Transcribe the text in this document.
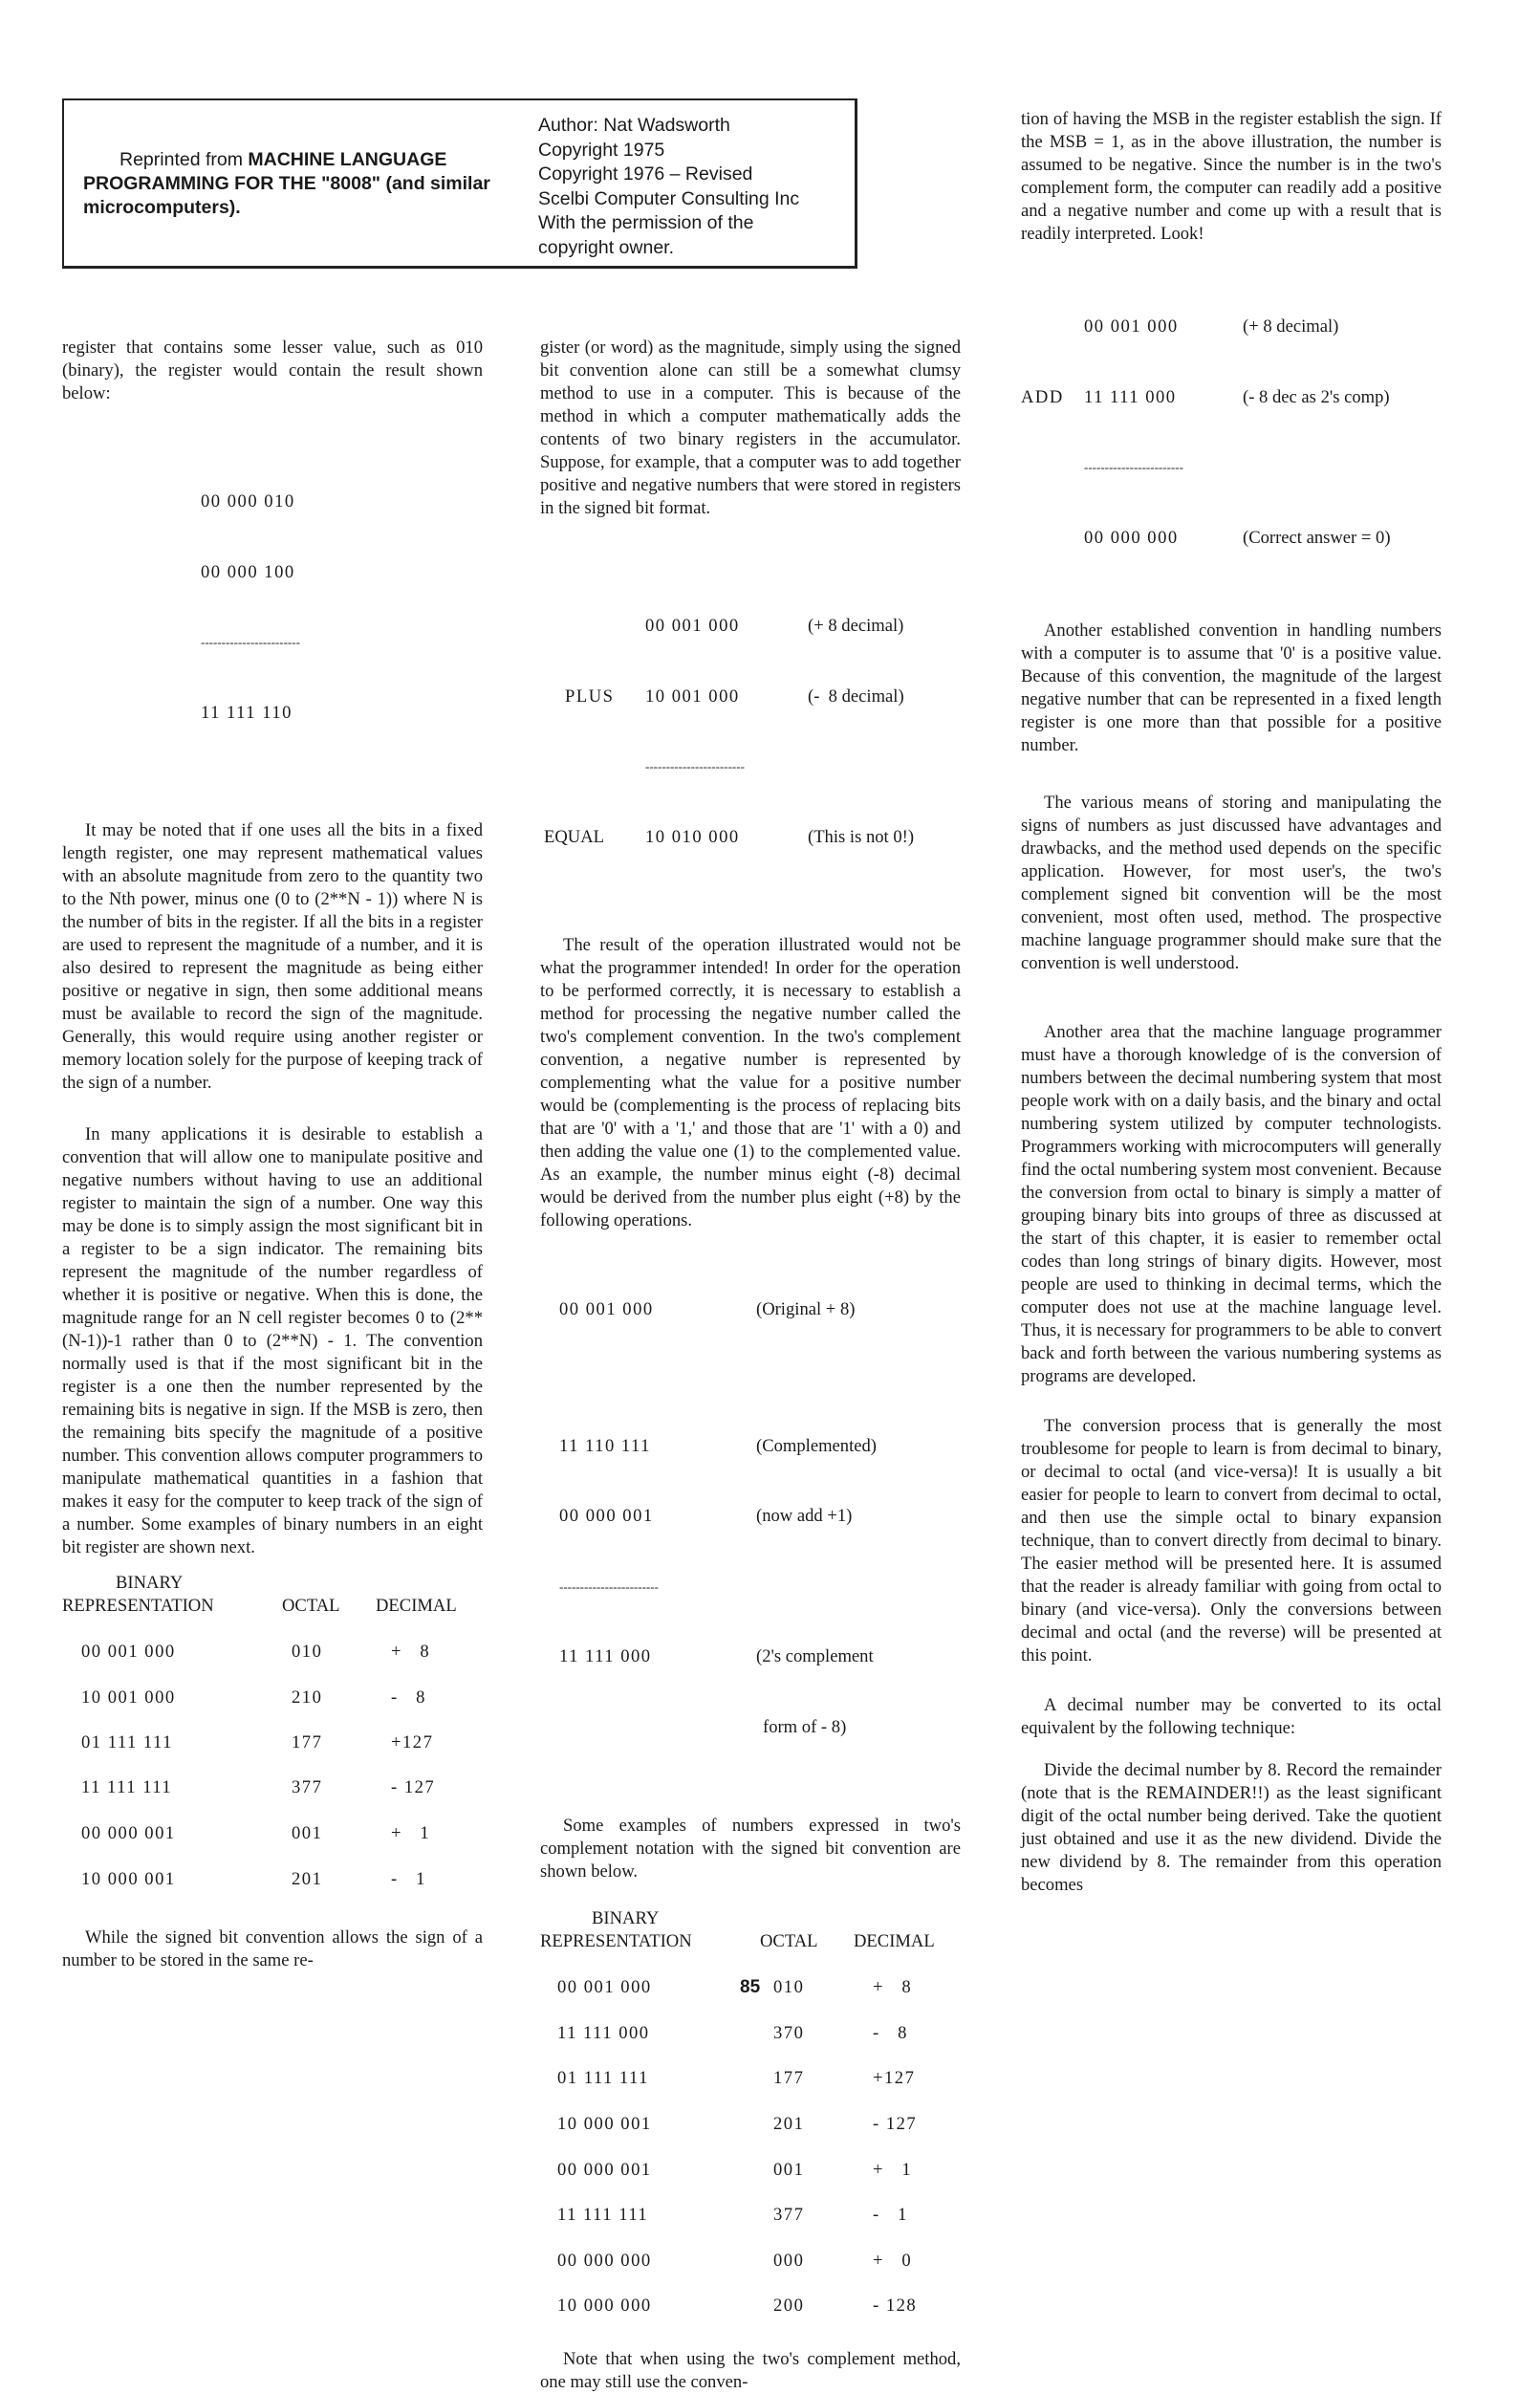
Reprinted from MACHINE LANGUAGE PROGRAMMING FOR THE "8008" (and similar microcomputers).
Author: Nat Wadsworth
Copyright 1975
Copyright 1976 – Revised
Scelbi Computer Consulting Inc
With the permission of the
copyright owner.
register that contains some lesser value, such as 010 (binary), the register would contain the result shown below:

00 000 010

00 000 100

------------------------

11 111 110

It may be noted that if one uses all the bits in a fixed length register, one may represent mathematical values with an absolute magnitude from zero to the quantity two to the Nth power, minus one (0 to (2**N - 1)) where N is the number of bits in the register. If all the bits in a register are used to represent the magnitude of a number, and it is also desired to represent the magnitude as being either positive or negative in sign, then some additional means must be available to record the sign of the magnitude. Generally, this would require using another register or memory location solely for the purpose of keeping track of the sign of a number.
In many applications it is desirable to establish a convention that will allow one to manipulate positive and negative numbers without having to use an additional register to maintain the sign of a number. One way this may be done is to simply assign the most significant bit in a register to be a sign indicator. The remaining bits represent the magnitude of the number regardless of whether it is positive or negative. When this is done, the magnitude range for an N cell register becomes 0 to (2**(N-1))-1 rather than 0 to (2**N) - 1. The convention normally used is that if the most significant bit in the register is a one then the number represented by the remaining bits is negative in sign. If the MSB is zero, then the remaining bits specify the magnitude of a positive number. This convention allows computer programmers to manipulate mathematical quantities in a fashion that makes it easy for the computer to keep track of the sign of a number. Some examples of binary numbers in an eight bit register are shown next.
BINARY
REPRESENTATION	OCTAL DECIMAL
00 001 000	010	+   8
10 001 000	210	-   8
01 111 111	177	+127
11 111 111	377	- 127
00 000 001	001	+   1
10 000 001	201	-   1
While the signed bit convention allows the sign of a number to be stored in the same re-
gister (or word) as the magnitude, simply using the signed bit convention alone can still be a somewhat clumsy method to use in a computer. This is because of the method in which a computer mathematically adds the contents of two binary registers in the accumulator. Suppose, for example, that a computer was to add together positive and negative numbers that were stored in registers in the signed bit format.

00 001 000	(+ 8 decimal)

PLUS 10 001 000	(-  8 decimal)

------------------------

EQUAL 10 010 000	(This is not 0!)

The result of the operation illustrated would not be what the programmer intended! In order for the operation to be performed correctly, it is necessary to establish a method for processing the negative number called the two's complement convention. In the two's complement convention, a negative number is represented by complementing what the value for a positive number would be (complementing is the process of replacing bits that are '0' with a '1,' and those that are '1' with a 0) and then adding the value one (1) to the complemented value. As an example, the number minus eight (-8) decimal would be derived from the number plus eight (+8) by the following operations.

00 001 000	(Original + 8)

11 110 111	(Complemented)

00 000 001	(now add +1)

------------------------

11 111 000	(2's complement

form of - 8)

Some examples of numbers expressed in two's complement notation with the signed bit convention are shown below.
BINARY
REPRESENTATION	OCTAL DECIMAL
00 001 000	010	+   8
11 111 000	370	-   8
01 111 111	177	+127
10 000 001	201	- 127
00 000 001	001	+   1
11 111 111	377	-   1
00 000 000	000	+   0
10 000 000	200	- 128
Note that when using the two's complement method, one may still use the conven-
tion of having the MSB in the register establish the sign. If the MSB = 1, as in the above illustration, the number is assumed to be negative. Since the number is in the two's complement form, the computer can readily add a positive and a negative number and come up with a result that is readily interpreted. Look!

00 001 000	(+ 8 decimal)

ADD 11 111 000	(- 8 dec as 2's comp)

------------------------

00 000 000	(Correct answer = 0)

Another established convention in handling numbers with a computer is to assume that '0' is a positive value. Because of this convention, the magnitude of the largest negative number that can be represented in a fixed length register is one more than that possible for a positive number.
The various means of storing and manipulating the signs of numbers as just discussed have advantages and drawbacks, and the method used depends on the specific application. However, for most user's, the two's complement signed bit convention will be the most convenient, most often used, method. The prospective machine language programmer should make sure that the convention is well understood.
Another area that the machine language programmer must have a thorough knowledge of is the conversion of numbers between the decimal numbering system that most people work with on a daily basis, and the binary and octal numbering system utilized by computer technologists. Programmers working with microcomputers will generally find the octal numbering system most convenient. Because the conversion from octal to binary is simply a matter of grouping binary bits into groups of three as discussed at the start of this chapter, it is easier to remember octal codes than long strings of binary digits. However, most people are used to thinking in decimal terms, which the computer does not use at the machine language level. Thus, it is necessary for programmers to be able to convert back and forth between the various numbering systems as programs are developed.
The conversion process that is generally the most troublesome for people to learn is from decimal to binary, or decimal to octal (and vice-versa)! It is usually a bit easier for people to learn to convert from decimal to octal, and then use the simple octal to binary expansion technique, than to convert directly from decimal to binary. The easier method will be presented here. It is assumed that the reader is already familiar with going from octal to binary (and vice-versa). Only the conversions between decimal and octal (and the reverse) will be presented at this point.
A decimal number may be converted to its octal equivalent by the following technique:
Divide the decimal number by 8. Record the remainder (note that is the REMAINDER!!) as the least significant digit of the octal number being derived. Take the quotient just obtained and use it as the new dividend. Divide the new dividend by 8. The remainder from this operation becomes
85
